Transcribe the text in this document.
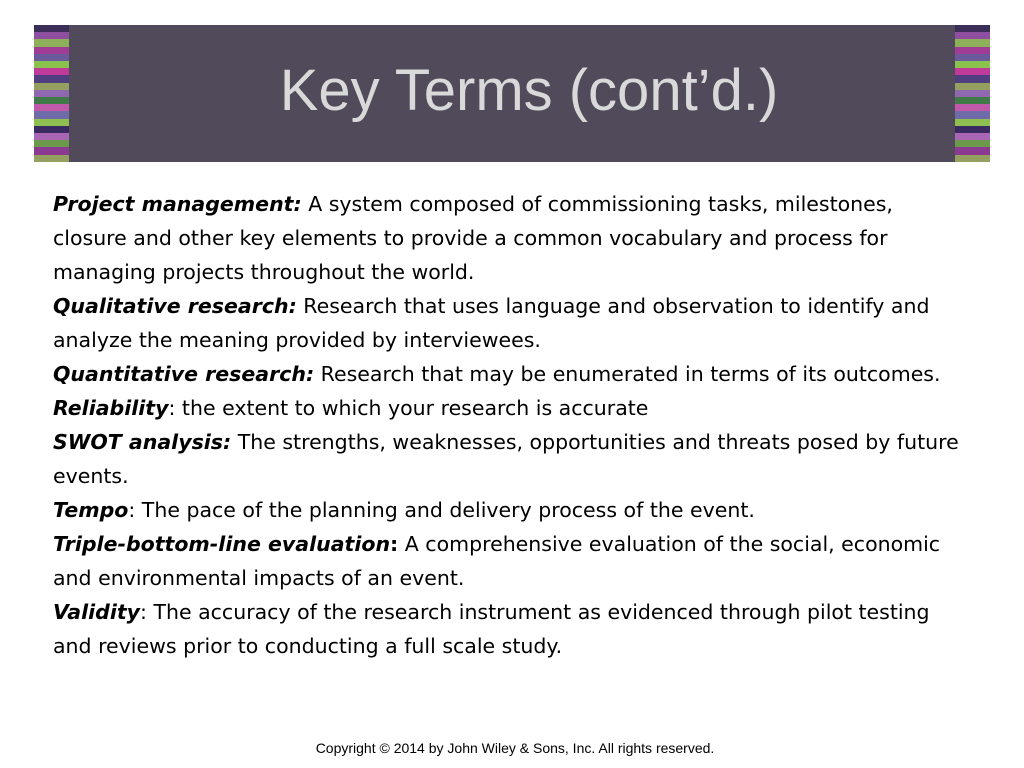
Key Terms (cont’d.)

Project management: A system composed of commissioning tasks, milestones, closure and other key elements to provide a common vocabulary and process for managing projects throughout the world.

Qualitative research: Research that uses language and observation to identify and analyze the meaning provided by interviewees.

Quantitative research: Research that may be enumerated in terms of its outcomes.

Reliability: the extent to which your research is accurate

SWOT analysis: The strengths, weaknesses, opportunities and threats posed by future events.

Tempo: The pace of the planning and delivery process of the event.

Triple-bottom-line evaluation: A comprehensive evaluation of the social, economic and environmental impacts of an event.

Validity: The accuracy of the research instrument as evidenced through pilot testing and reviews prior to conducting a full scale study.

Copyright © 2014 by John Wiley & Sons, Inc. All rights reserved.
